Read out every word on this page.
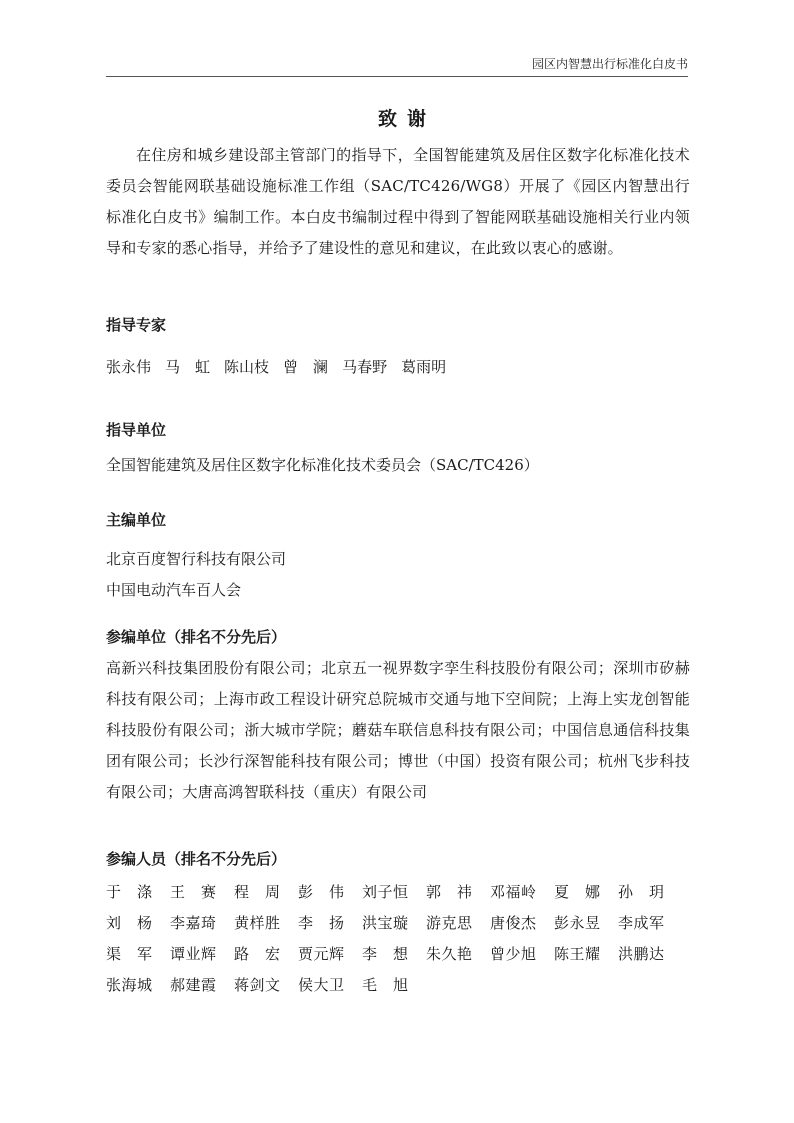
园区内智慧出行标准化白皮书
致谢

在住房和城乡建设部主管部门的指导下，全国智能建筑及居住区数字化标准化技术委员会智能网联基础设施标准工作组（SAC/TC426/WG8）开展了《园区内智慧出行标准化白皮书》编制工作。本白皮书编制过程中得到了智能网联基础设施相关行业内领导和专家的悉心指导，并给予了建设性的意见和建议，在此致以衷心的感谢。

指导专家

张永伟 马　虹 陈山枝 曾　澜 马春野 葛雨明

指导单位

全国智能建筑及居住区数字化标准化技术委员会（SAC/TC426）

主编单位

北京百度智行科技有限公司

中国电动汽车百人会

参编单位（排名不分先后）

高新兴科技集团股份有限公司；北京五一视界数字孪生科技股份有限公司；深圳市矽赫科技有限公司；上海市政工程设计研究总院城市交通与地下空间院；上海上实龙创智能科技股份有限公司；浙大城市学院；蘑菇车联信息科技有限公司；中国信息通信科技集团有限公司；长沙行深智能科技有限公司；博世（中国）投资有限公司；杭州飞步科技有限公司；大唐高鸿智联科技（重庆）有限公司

参编人员（排名不分先后）

于　涤	王　赛	程　周	彭　伟	刘子恒	郭　祎	邓福岭	夏　娜	孙　玥
刘　杨	李嘉琦	黄样胜	李　扬	洪宝璇	游克思	唐俊杰	彭永昱	李成军
渠　军	谭业辉	路　宏	贾元辉	李　想	朱久艳	曾少旭	陈王耀	洪鹏达
张海城	郝建霞	蒋剑文	侯大卫	毛　旭
